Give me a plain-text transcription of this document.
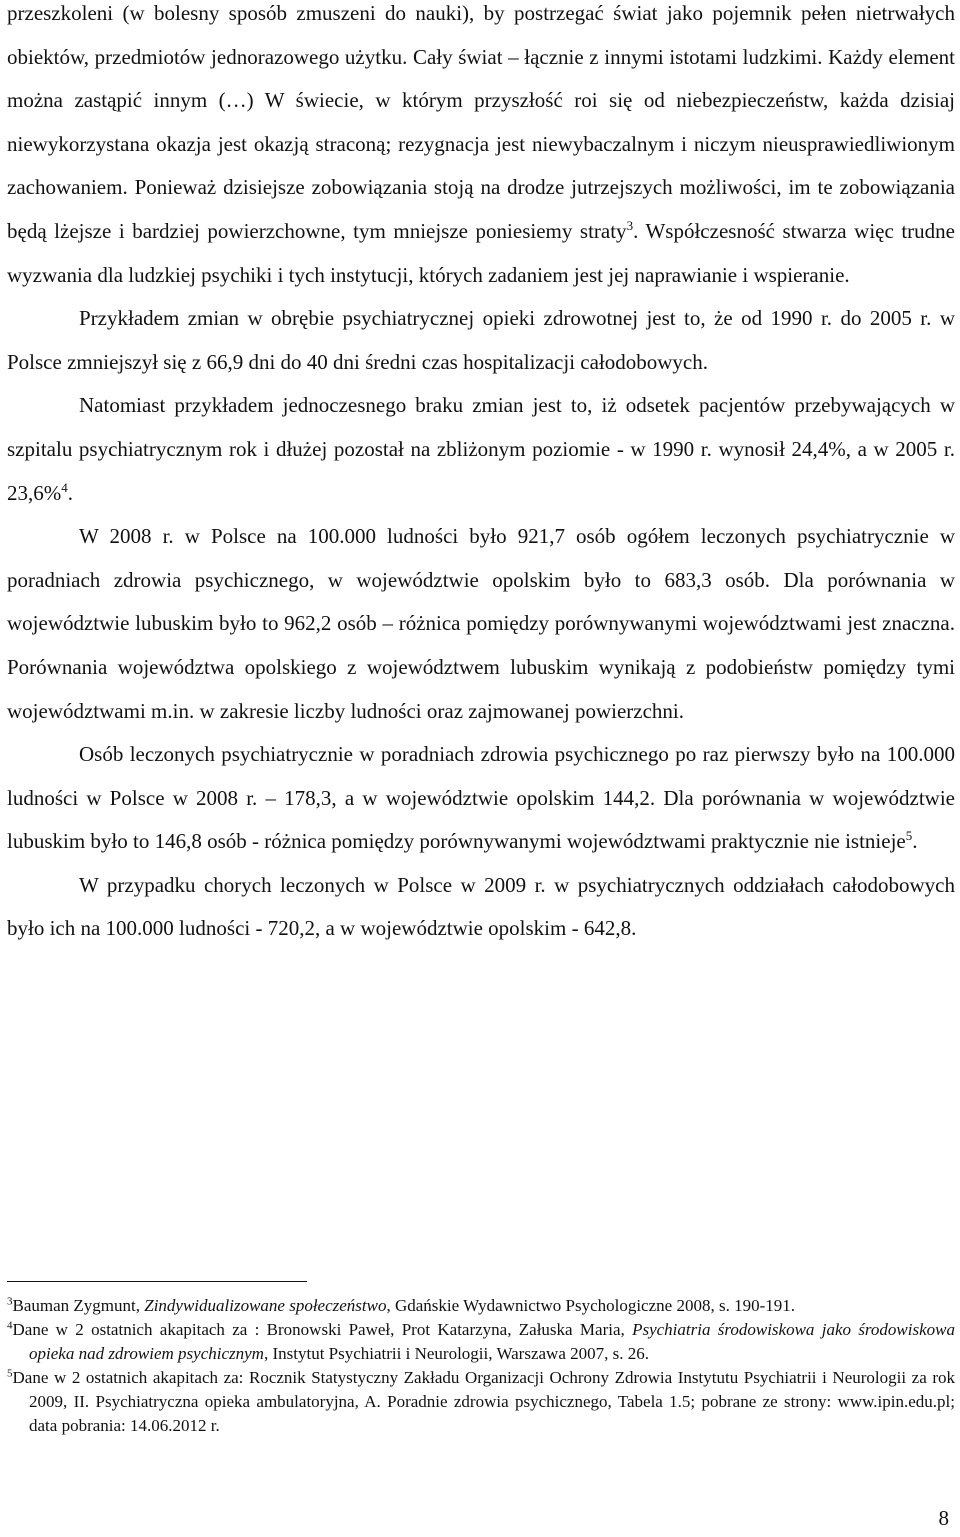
przeszkoleni (w bolesny sposób zmuszeni do nauki), by postrzegać świat jako pojemnik pełen nietrwałych obiektów, przedmiotów jednorazowego użytku. Cały świat – łącznie z innymi istotami ludzkimi. Każdy element można zastąpić innym (…) W świecie, w którym przyszłość roi się od niebezpieczeństw, każda dzisiaj niewykorzystana okazja jest okazją straconą; rezygnacja jest niewybaczalnym i niczym nieusprawiedliwionym zachowaniem. Ponieważ dzisiejsze zobowiązania stoją na drodze jutrzejszych możliwości, im te zobowiązania będą lżejsze i bardziej powierzchowne, tym mniejsze poniesiemy straty$^3$. Współczesność stwarza więc trudne wyzwania dla ludzkiej psychiki i tych instytucji, których zadaniem jest jej naprawianie i wspieranie.

Przykładem zmian w obrębie psychiatrycznej opieki zdrowotnej jest to, że od 1990 r. do 2005 r. w Polsce zmniejszył się z 66,9 dni do 40 dni średni czas hospitalizacji całodobowych.

Natomiast przykładem jednoczesnego braku zmian jest to, iż odsetek pacjentów przebywających w szpitalu psychiatrycznym rok i dłużej pozostał na zbliżonym poziomie - w 1990 r. wynosił 24,4%, a w 2005 r. 23,6%$^4$.

W 2008 r. w Polsce na 100.000 ludności było 921,7 osób ogółem leczonych psychiatrycznie w poradniach zdrowia psychicznego, w województwie opolskim było to 683,3 osób. Dla porównania w województwie lubuskim było to 962,2 osób – różnica pomiędzy porównywanymi województwami jest znaczna. Porównania województwa opolskiego z województwem lubuskim wynikają z podobieństw pomiędzy tymi województwami m.in. w zakresie liczby ludności oraz zajmowanej powierzchni.

Osób leczonych psychiatrycznie w poradniach zdrowia psychicznego po raz pierwszy było na 100.000 ludności w Polsce w 2008 r. – 178,3, a w województwie opolskim 144,2. Dla porównania w województwie lubuskim było to 146,8 osób - różnica pomiędzy porównywanymi województwami praktycznie nie istnieje$^5$.

W przypadku chorych leczonych w Polsce w 2009 r. w psychiatrycznych oddziałach całodobowych było ich na 100.000 ludności - 720,2, a w województwie opolskim - 642,8.

$^3$Bauman Zygmunt, Zindywidualizowane społeczeństwo, Gdańskie Wydawnictwo Psychologiczne 2008, s. 190-191.

$^4$Dane w 2 ostatnich akapitach za : Bronowski Paweł, Prot Katarzyna, Załuska Maria, Psychiatria środowiskowa jako środowiskowa opieka nad zdrowiem psychicznym, Instytut Psychiatrii i Neurologii, Warszawa 2007, s. 26.

$^5$Dane w 2 ostatnich akapitach za: Rocznik Statystyczny Zakładu Organizacji Ochrony Zdrowia Instytutu Psychiatrii i Neurologii za rok 2009, II. Psychiatryczna opieka ambulatoryjna, A. Poradnie zdrowia psychicznego, Tabela 1.5; pobrane ze strony: www.ipin.edu.pl; data pobrania: 14.06.2012 r.

8
